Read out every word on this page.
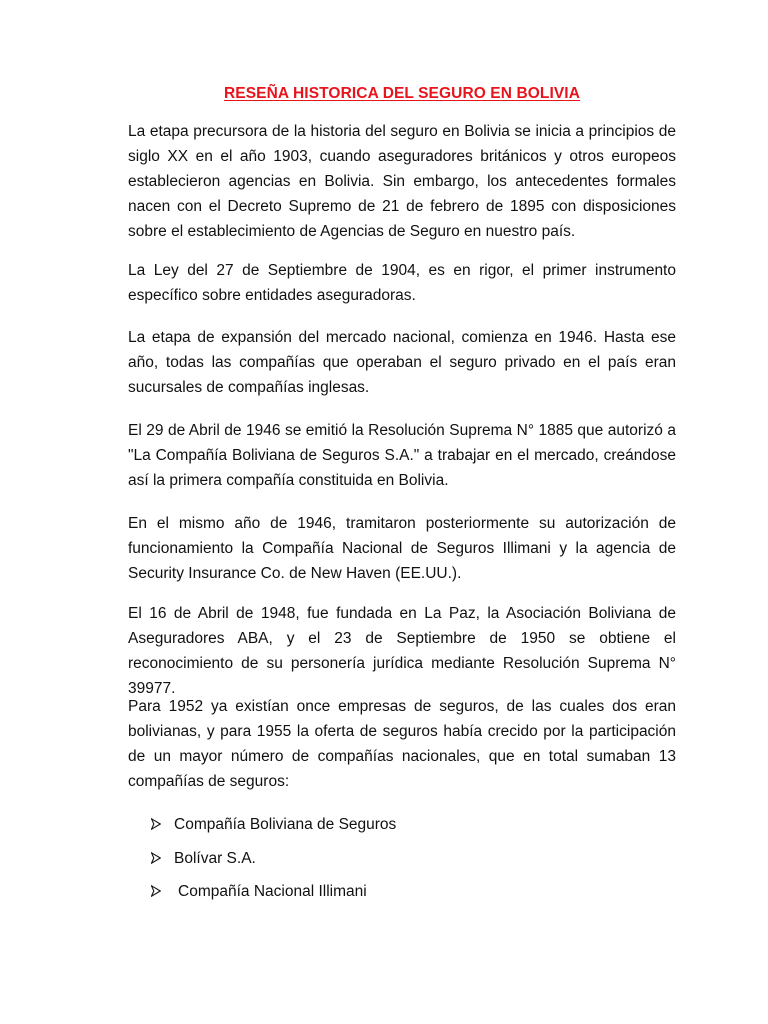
RESEÑA HISTORICA DEL SEGURO EN BOLIVIA

La etapa precursora de la historia del seguro en Bolivia se inicia a principios de siglo XX en el año 1903, cuando aseguradores británicos y otros europeos establecieron agencias en Bolivia. Sin embargo, los antecedentes formales nacen con el Decreto Supremo de 21 de febrero de 1895 con disposiciones sobre el establecimiento de Agencias de Seguro en nuestro país.

La Ley del 27 de Septiembre de 1904, es en rigor, el primer instrumento específico sobre entidades aseguradoras.

La etapa de expansión del mercado nacional, comienza en 1946. Hasta ese año, todas las compañías que operaban el seguro privado en el país eran sucursales de compañías inglesas.

El 29 de Abril de 1946 se emitió la Resolución Suprema N° 1885 que autorizó a "La Compañía Boliviana de Seguros S.A." a trabajar en el mercado, creándose así la primera compañía constituida en Bolivia.

En el mismo año de 1946, tramitaron posteriormente su autorización de funcionamiento la Compañía Nacional de Seguros Illimani y la agencia de Security Insurance Co. de New Haven (EE.UU.).

El 16 de Abril de 1948, fue fundada en La Paz, la Asociación Boliviana de Aseguradores ABA, y el 23 de Septiembre de 1950 se obtiene el reconocimiento de su personería jurídica mediante Resolución Suprema N° 39977.

Para 1952 ya existían once empresas de seguros, de las cuales dos eran bolivianas, y para 1955 la oferta de seguros había crecido por la participación de un mayor número de compañías nacionales, que en total sumaban 13 compañías de seguros:

Compañía Boliviana de Seguros
Bolívar S.A.
Compañía Nacional Illimani
